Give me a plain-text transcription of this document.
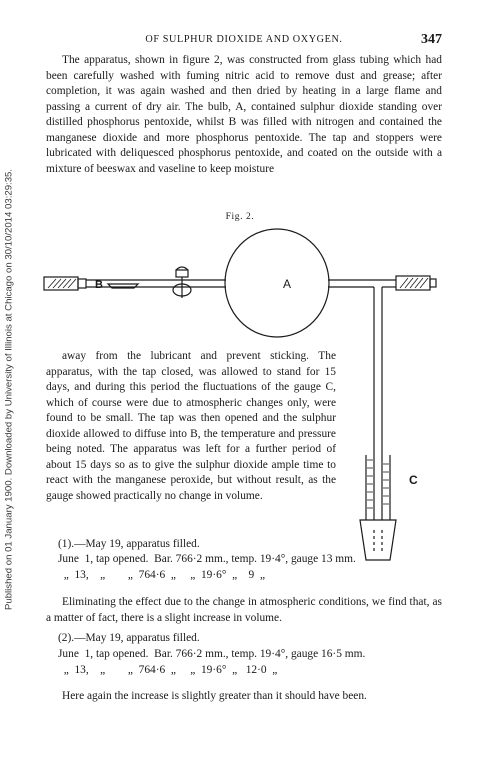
Published on 01 January 1900. Downloaded by University of Illinois at Chicago on 30/10/2014 03:29:35.
OF SULPHUR DIOXIDE AND OXYGEN.	347

The apparatus, shown in figure 2, was constructed from glass tubing which had been carefully washed with fuming nitric acid to remove dust and grease; after completion, it was again washed and then dried by heating in a large flame and passing a current of dry air. The bulb, A, contained sulphur dioxide standing over distilled phosphorus pentoxide, whilst B was filled with nitrogen and contained the manganese dioxide and more phosphorus pentoxide. The tap and stoppers were lubricated with deliquesced phosphorus pentoxide, and coated on the outside with a mixture of beeswax and vaseline to keep moisture

Fig. 2.
B	A
C

away from the lubricant and prevent sticking. The apparatus, with the tap closed, was allowed to stand for 15 days, and during this period the fluctuations of the gauge C, which of course were due to atmospheric changes only, were found to be small. The tap was then opened and the sulphur dioxide allowed to diffuse into B, the temperature and pressure being noted. The apparatus was left for a further period of about 15 days so as to give the sulphur dioxide ample time to react with the manganese peroxide, but without result, as the gauge showed practically no change in volume.

(1).—May 19, apparatus filled.
June  1, tap opened.  Bar. 766·2 mm., temp. 19·4°, gauge 13 mm.
„  13,    „        „  764·6  „     „  19·6°  „    9  „

Eliminating the effect due to the change in atmospheric conditions, we find that, as a matter of fact, there is a slight increase in volume.

(2).—May 19, apparatus filled.
June  1, tap opened.  Bar. 766·2 mm., temp. 19·4°, gauge 16·5 mm.
„  13,    „        „  764·6  „     „  19·6°  „   12·0  „

Here again the increase is slightly greater than it should have been.
